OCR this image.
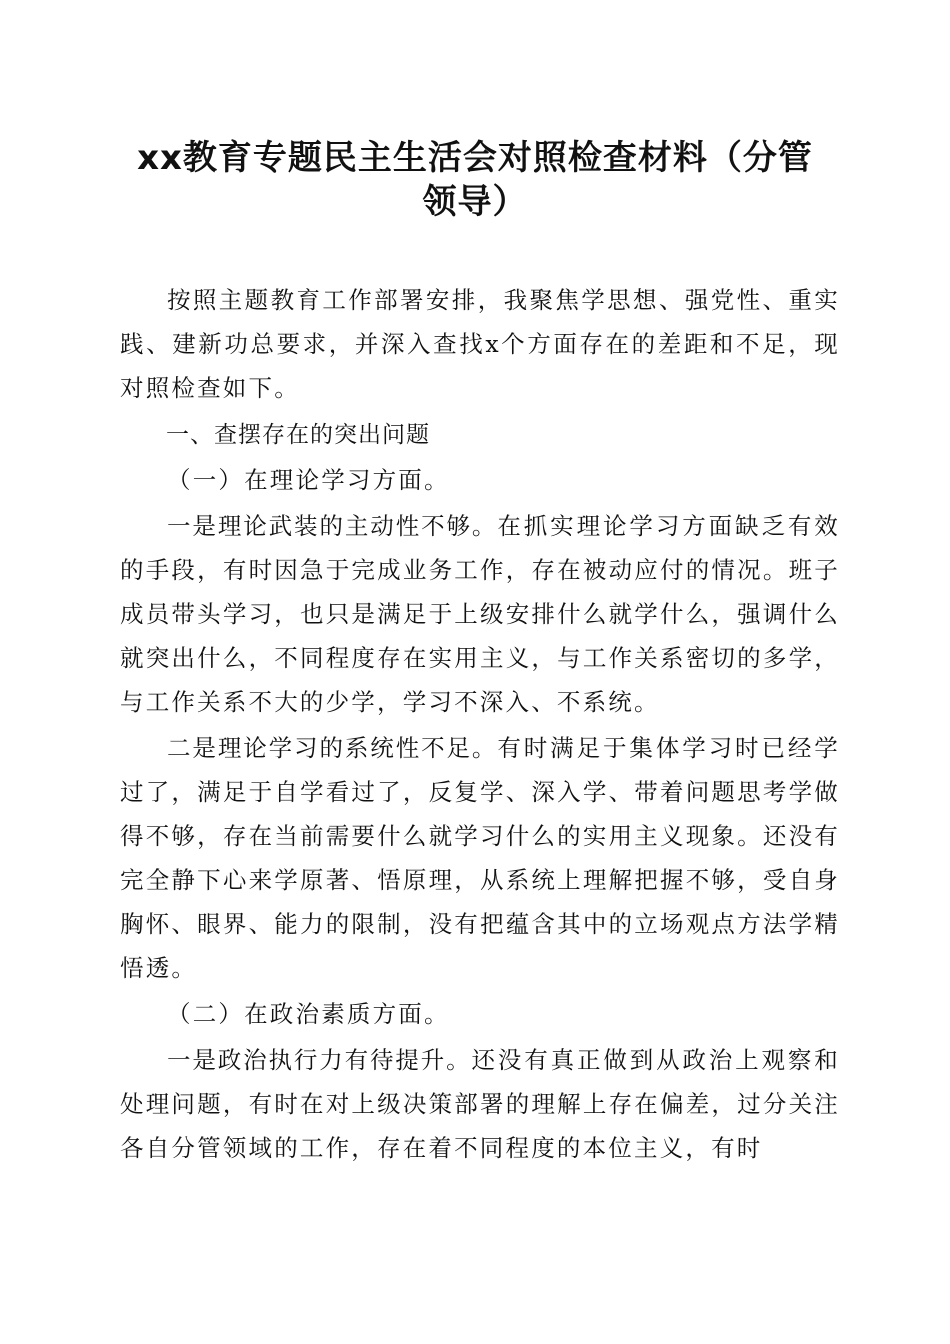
xx教育专题民主生活会对照检查材料（分管
领导）

按照主题教育工作部署安排，我聚焦学思想、强党性、重实践、建新功总要求，并深入查找x个方面存在的差距和不足，现对照检查如下。

一、查摆存在的突出问题

（一）在理论学习方面。

一是理论武装的主动性不够。在抓实理论学习方面缺乏有效的手段，有时因急于完成业务工作，存在被动应付的情况。班子成员带头学习，也只是满足于上级安排什么就学什么，强调什么就突出什么，不同程度存在实用主义，与工作关系密切的多学，与工作关系不大的少学，学习不深入、不系统。

二是理论学习的系统性不足。有时满足于集体学习时已经学过了，满足于自学看过了，反复学、深入学、带着问题思考学做得不够，存在当前需要什么就学习什么的实用主义现象。还没有完全静下心来学原著、悟原理，从系统上理解把握不够，受自身胸怀、眼界、能力的限制，没有把蕴含其中的立场观点方法学精悟透。

（二）在政治素质方面。

一是政治执行力有待提升。还没有真正做到从政治上观察和处理问题，有时在对上级决策部署的理解上存在偏差，过分关注各自分管领域的工作，存在着不同程度的本位主义，有时
